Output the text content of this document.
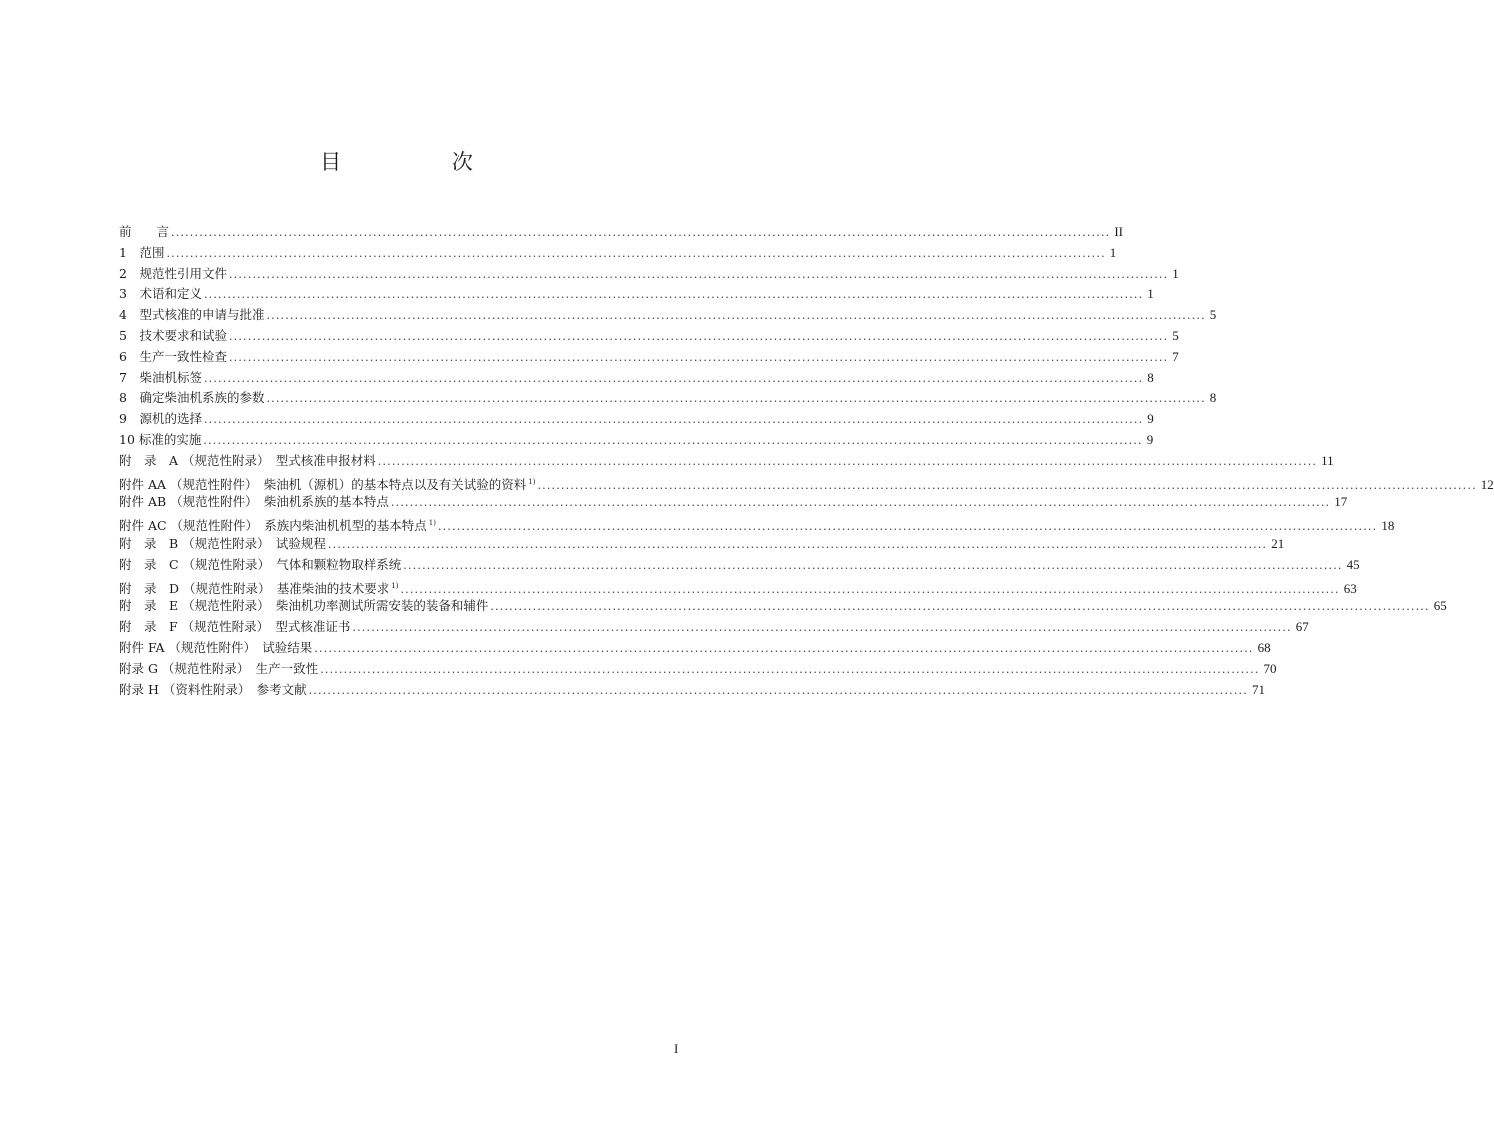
目 次
前　　言 ........................................................................................................................................................................................................ II
1　范围 ........................................................................................................................................................................................................ 1
2　规范性引用文件 ........................................................................................................................................................................................................ 1
3　术语和定义 ........................................................................................................................................................................................................ 1
4　型式核准的申请与批准 ........................................................................................................................................................................................................ 5
5　技术要求和试验 ........................................................................................................................................................................................................ 5
6　生产一致性检查 ........................................................................................................................................................................................................ 7
7　柴油机标签 ........................................................................................................................................................................................................ 8
8　确定柴油机系族的参数 ........................................................................................................................................................................................................ 8
9　源机的选择 ........................................................................................................................................................................................................ 9
10 标准的实施 ........................................................................................................................................................................................................ 9
附　录　A （规范性附录）　型式核准申报材料 ........................................................................................................................................................................................................ 11
附件 AA （规范性附件）　柴油机（源机）的基本特点以及有关试验的资料 $^{1)}$ ........................................................................................................................................................................................................ 12
附件 AB （规范性附件）　柴油机系族的基本特点 ........................................................................................................................................................................................................ 17
附件 AC （规范性附件）　系族内柴油机机型的基本特点 $^{1)}$ ........................................................................................................................................................................................................ 18
附　录　B （规范性附录）　试验规程 ........................................................................................................................................................................................................ 21
附　录　C （规范性附录）　气体和颗粒物取样系统 ........................................................................................................................................................................................................ 45
附　录　D （规范性附录）　基准柴油的技术要求 $^{1)}$ ........................................................................................................................................................................................................ 63
附　录　E （规范性附录）　柴油机功率测试所需安装的装备和辅件 ........................................................................................................................................................................................................ 65
附　录　F （规范性附录）　型式核准证书 ........................................................................................................................................................................................................ 67
附件 FA （规范性附件）　试验结果 ........................................................................................................................................................................................................ 68
附录 G （规范性附录）　生产一致性 ........................................................................................................................................................................................................ 70
附录 H （资料性附录）　参考文献 ........................................................................................................................................................................................................ 71
I
